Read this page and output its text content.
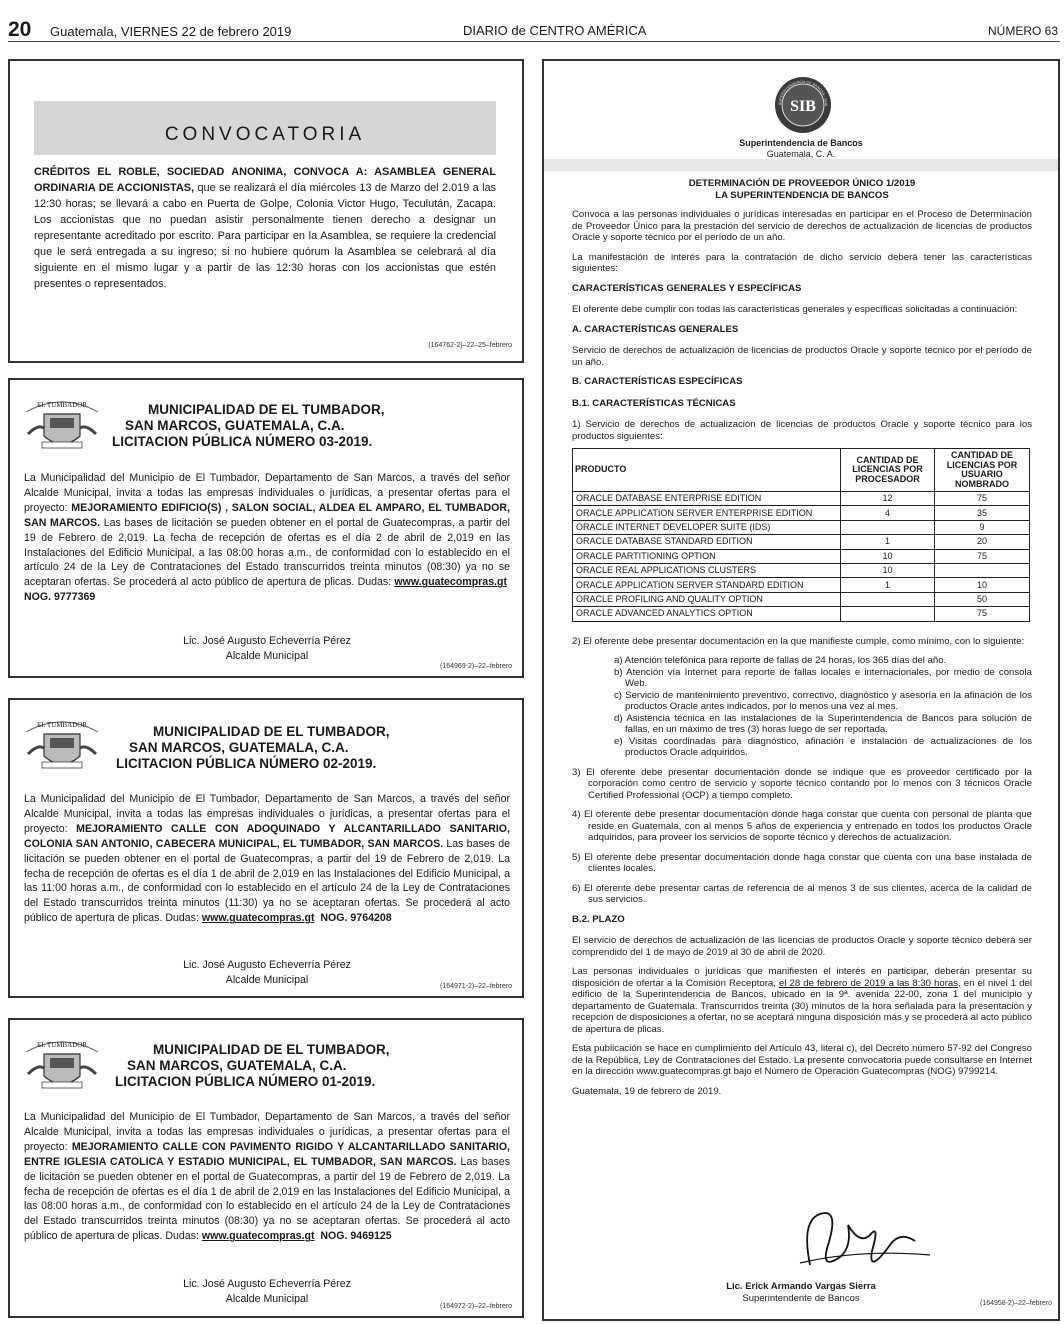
20 Guatemala, VIERNES 22 de febrero 2019	DIARIO de CENTRO AMÉRICA	NÚMERO 63
CONVOCATORIA
CRÉDITOS EL ROBLE, SOCIEDAD ANONIMA, CONVOCA A: ASAMBLEA GENERAL ORDINARIA DE ACCIONISTAS, que se realizará el día miércoles 13 de Marzo del 2.019 a las 12:30 horas; se llevará a cabo en Puerta de Golpe, Colonia Victor Hugo, Teculután, Zacapa. Los accionistas que no puedan asistir personalmente tienen derecho a designar un representante acreditado por escrito. Para participar en la Asamblea, se requiere la credencial que le será entregada a su ingreso; si no hubiere quórum la Asamblea se celebrará al día siguiente en el mismo lugar y a partir de las 12:30 horas con los accionistas que estén presentes o representados.
(164762-2)–22–25–febrero
EL TUMBADOR	MUNICIPALIDAD DE EL TUMBADOR,
SAN MARCOS, GUATEMALA, C.A.
LICITACION PÚBLICA NÚMERO 03-2019.
La Municipalidad del Municipio de El Tumbador, Departamento de San Marcos, a través del señor Alcalde Municipal, invita a todas las empresas individuales o jurídicas, a presentar ofertas para el proyecto: MEJORAMIENTO EDIFICIO(S) , SALON SOCIAL, ALDEA EL AMPARO, EL TUMBADOR, SAN MARCOS. Las bases de licitación se pueden obtener en el portal de Guatecompras, a partir del 19 de Febrero de 2,019. La fecha de recepción de ofertas es el día 2 de abril de 2,019 en las Instalaciones del Edificio Municipal, a las 08:00 horas a.m., de conformidad con lo establecido en el artículo 24 de la Ley de Contrataciones del Estado transcurridos treinta minutos (08:30) ya no se aceptaran ofertas. Se procederá al acto público de apertura de plicas. Dudas: www.guatecompras.gt  NOG. 9777369
Lic. José Augusto Echeverría Pérez
Alcalde Municipal
(164969-2)–22–febrero
EL TUMBADOR	MUNICIPALIDAD DE EL TUMBADOR,
SAN MARCOS, GUATEMALA, C.A.
LICITACION PÚBLICA NÚMERO 02-2019.
La Municipalidad del Municipio de El Tumbador, Departamento de San Marcos, a través del señor Alcalde Municipal, invita a todas las empresas individuales o jurídicas, a presentar ofertas para el proyecto: MEJORAMIENTO CALLE CON ADOQUINADO Y ALCANTARILLADO SANITARIO, COLONIA SAN ANTONIO, CABECERA MUNICIPAL, EL TUMBADOR, SAN MARCOS. Las bases de licitación se pueden obtener en el portal de Guatecompras, a partir del 19 de Febrero de 2,019. La fecha de recepción de ofertas es el día 1 de abril de 2,019 en las Instalaciones del Edificio Municipal, a las 11:00 horas a.m., de conformidad con lo establecido en el artículo 24 de la Ley de Contrataciones del Estado transcurridos treinta minutos (11:30) ya no se aceptaran ofertas. Se procederá al acto público de apertura de plicas. Dudas: www.guatecompras.gt NOG. 9764208
Lic. José Augusto Echeverría Pérez
Alcalde Municipal
(164971-2)–22–febrero
EL TUMBADOR	MUNICIPALIDAD DE EL TUMBADOR,
SAN MARCOS, GUATEMALA, C.A.
LICITACION PÚBLICA NÚMERO 01-2019.
La Municipalidad del Municipio de El Tumbador, Departamento de San Marcos, a través del señor Alcalde Municipal, invita a todas las empresas individuales o jurídicas, a presentar ofertas para el proyecto: MEJORAMIENTO CALLE CON PAVIMENTO RIGIDO Y ALCANTARILLADO SANITARIO, ENTRE IGLESIA CATOLICA Y ESTADIO MUNICIPAL, EL TUMBADOR, SAN MARCOS. Las bases de licitación se pueden obtener en el portal de Guatecompras, a partir del 19 de Febrero de 2,019. La fecha de recepción de ofertas es el día 1 de abril de 2,019 en las Instalaciones del Edificio Municipal, a las 08:00 horas a.m., de conformidad con lo establecido en el artículo 24 de la Ley de Contrataciones del Estado transcurridos treinta minutos (08:30) ya no se aceptaran ofertas. Se procederá al acto público de apertura de plicas. Dudas: www.guatecompras.gt NOG. 9469125
Lic. José Augusto Echeverría Pérez
Alcalde Municipal
(164972-2)–22–febrero
SIB
SUPERINTENDENCIA DE BANCOS · GUA
Superintendencia de Bancos
Guatemala, C. A.

DETERMINACIÓN DE PROVEEDOR ÚNICO 1/2019

LA SUPERINTENDENCIA DE BANCOS

Convoca a las personas individuales o jurídicas interesadas en participar en el Proceso de Determinación de Proveedor Único para la prestación del servicio de derechos de actualización de licencias de productos Oracle y soporte técnico por el período de un año.

La manifestación de interés para la contratación de dicho servicio deberá tener las características siguientes:

CARACTERÍSTICAS GENERALES Y ESPECÍFICAS

El oferente debe cumplir con todas las características generales y específicas solicitadas a continuación:

A. CARACTERÍSTICAS GENERALES

Servicio de derechos de actualización de licencias de productos Oracle y soporte técnico por el período de un año.

B. CARACTERÍSTICAS ESPECÍFICAS

B.1. CARACTERÍSTICAS TÉCNICAS

1) Servicio de derechos de actualización de licencias de productos Oracle y soporte técnico para los productos siguientes:

PRODUCTO	CANTIDAD DE LICENCIAS POR PROCESADOR	CANTIDAD DE LICENCIAS POR USUARIO NOMBRADO
ORACLE DATABASE ENTERPRISE EDITION	12	75
ORACLE APPLICATION SERVER ENTERPRISE EDITION	4	35
ORACLE INTERNET DEVELOPER SUITE (IDS)		9
ORACLE DATABASE STANDARD EDITION	1	20
ORACLE PARTITIONING OPTION	10	75
ORACLE REAL APPLICATIONS CLUSTERS	10	
ORACLE APPLICATION SERVER STANDARD EDITION	1	10
ORACLE PROFILING AND QUALITY OPTION		50
ORACLE ADVANCED ANALYTICS OPTION		75
2) El oferente debe presentar documentación en la que manifieste cumple, como mínimo, con lo siguiente:
a) Atención telefónica para reporte de fallas de 24 horas, los 365 días del año.
b) Atención vía Internet para reporte de fallas locales e internacionales, por medio de consola Web.
c) Servicio de mantenimiento preventivo, correctivo, diagnóstico y asesoría en la afinación de los productos Oracle antes indicados, por lo menos una vez al mes.
d) Asistencia técnica en las instalaciones de la Superintendencia de Bancos para solución de fallas, en un máximo de tres (3) horas luego de ser reportada.
e) Visitas coordinadas para diagnóstico, afinación e instalación de actualizaciones de los productos Oracle adquiridos.
3) El oferente debe presentar documentación donde se indique que es proveedor certificado por la corporación como centro de servicio y soporte técnico contando por lo menos con 3 técnicos Oracle Certified Professional (OCP) a tiempo completo.
4) El oferente debe presentar documentación donde haga constar que cuenta con personal de planta que reside en Guatemala, con al menos 5 años de experiencia y entrenado en todos los productos Oracle adquiridos, para proveer los servicios de soporte técnico y derechos de actualización.
5) El oferente debe presentar documentación donde haga constar que cuenta con una base instalada de clientes locales.
6) El oferente debe presentar cartas de referencia de al menos 3 de sus clientes, acerca de la calidad de sus servicios.

B.2. PLAZO

El servicio de derechos de actualización de las licencias de productos Oracle y soporte técnico deberá ser comprendido del 1 de mayo de 2019 al 30 de abril de 2020.

Las personas individuales o jurídicas que manifiesten el interés en participar, deberán presentar su disposición de ofertar a la Comisión Receptora, el 28 de febrero de 2019 a las 8:30 horas, en el nivel 1 del edificio de la Superintendencia de Bancos, ubicado en la 9ª. avenida 22-00, zona 1 del municipio y departamento de Guatemala. Transcurridos treinta (30) minutos de la hora señalada para la presentación y recepción de disposiciones a ofertar, no se aceptará ninguna disposición más y se procederá al acto público de apertura de plicas.

Esta publicación se hace en cumplimiento del Artículo 43, literal c), del Decreto número 57-92 del Congreso de la República, Ley de Contrataciones del Estado. La presente convocatoria puede consultarse en Internet en la dirección www.guatecompras.gt bajo el Número de Operación Guatecompras (NOG) 9799214.

Guatemala, 19 de febrero de 2019.

Lic. Erick Armando Vargas Sierra
Superintendente de Bancos	(164958-2)–22–febrero
